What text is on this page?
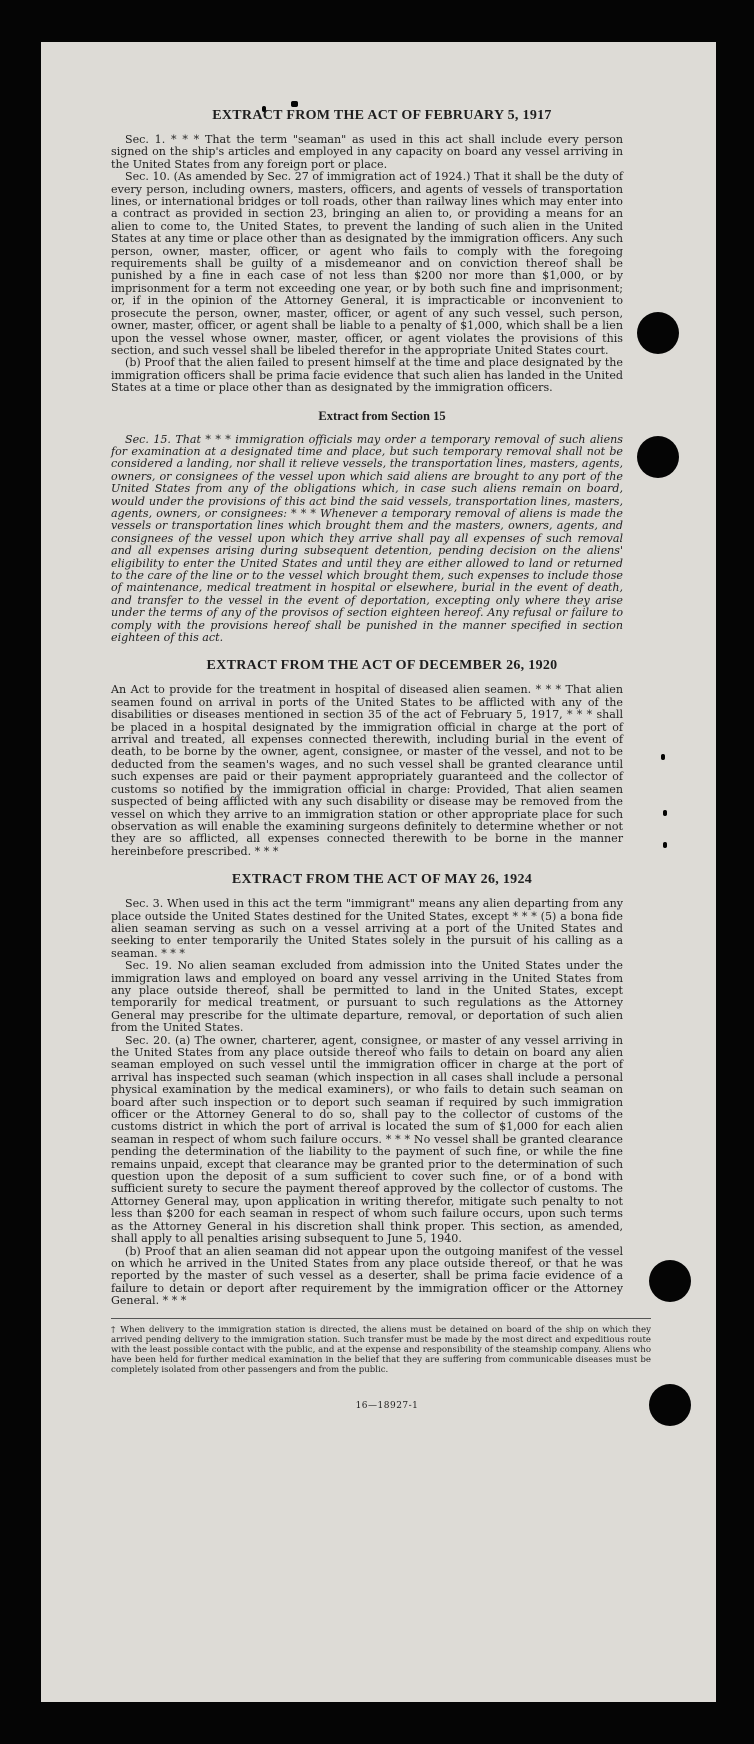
EXTRACT FROM THE ACT OF FEBRUARY 5, 1917

Sec. 1. * * * That the term "seaman" as used in this act shall include every person signed on the ship's articles and employed in any capacity on board any vessel arriving in the United States from any foreign port or place.

Sec. 10. (As amended by Sec. 27 of immigration act of 1924.) That it shall be the duty of every person, including owners, masters, officers, and agents of vessels of transportation lines, or international bridges or toll roads, other than railway lines which may enter into a contract as provided in section 23, bringing an alien to, or providing a means for an alien to come to, the United States, to prevent the landing of such alien in the United States at any time or place other than as designated by the immigration officers. Any such person, owner, master, officer, or agent who fails to comply with the foregoing requirements shall be guilty of a misdemeanor and on conviction thereof shall be punished by a fine in each case of not less than $200 nor more than $1,000, or by imprisonment for a term not exceeding one year, or by both such fine and imprisonment; or, if in the opinion of the Attorney General, it is impracticable or inconvenient to prosecute the person, owner, master, officer, or agent of any such vessel, such person, owner, master, officer, or agent shall be liable to a penalty of $1,000, which shall be a lien upon the vessel whose owner, master, officer, or agent violates the provisions of this section, and such vessel shall be libeled therefor in the appropriate United States court.

(b) Proof that the alien failed to present himself at the time and place designated by the immigration officers shall be prima facie evidence that such alien has landed in the United States at a time or place other than as designated by the immigration officers.

Extract from Section 15

Sec. 15. That * * * immigration officials may order a temporary removal of such aliens for examination at a designated time and place, but such temporary removal shall not be considered a landing, nor shall it relieve vessels, the transportation lines, masters, agents, owners, or consignees of the vessel upon which said aliens are brought to any port of the United States from any of the obligations which, in case such aliens remain on board, would under the provisions of this act bind the said vessels, transportation lines, masters, agents, owners, or consignees: * * * Whenever a temporary removal of aliens is made the vessels or transportation lines which brought them and the masters, owners, agents, and consignees of the vessel upon which they arrive shall pay all expenses of such removal and all expenses arising during subsequent detention, pending decision on the aliens' eligibility to enter the United States and until they are either allowed to land or returned to the care of the line or to the vessel which brought them, such expenses to include those of maintenance, medical treatment in hospital or elsewhere, burial in the event of death, and transfer to the vessel in the event of deportation, excepting only where they arise under the terms of any of the provisos of section eighteen hereof. Any refusal or failure to comply with the provisions hereof shall be punished in the manner specified in section eighteen of this act.

EXTRACT FROM THE ACT OF DECEMBER 26, 1920

An Act to provide for the treatment in hospital of diseased alien seamen. * * * That alien seamen found on arrival in ports of the United States to be afflicted with any of the disabilities or diseases mentioned in section 35 of the act of February 5, 1917, * * * shall be placed in a hospital designated by the immigration official in charge at the port of arrival and treated, all expenses connected therewith, including burial in the event of death, to be borne by the owner, agent, consignee, or master of the vessel, and not to be deducted from the seamen's wages, and no such vessel shall be granted clearance until such expenses are paid or their payment appropriately guaranteed and the collector of customs so notified by the immigration official in charge: Provided, That alien seamen suspected of being afflicted with any such disability or disease may be removed from the vessel on which they arrive to an immigration station or other appropriate place for such observation as will enable the examining surgeons definitely to determine whether or not they are so afflicted, all expenses connected therewith to be borne in the manner hereinbefore prescribed. * * *

EXTRACT FROM THE ACT OF MAY 26, 1924

Sec. 3. When used in this act the term "immigrant" means any alien departing from any place outside the United States destined for the United States, except * * * (5) a bona fide alien seaman serving as such on a vessel arriving at a port of the United States and seeking to enter temporarily the United States solely in the pursuit of his calling as a seaman. * * *

Sec. 19. No alien seaman excluded from admission into the United States under the immigration laws and employed on board any vessel arriving in the United States from any place outside thereof, shall be permitted to land in the United States, except temporarily for medical treatment, or pursuant to such regulations as the Attorney General may prescribe for the ultimate departure, removal, or deportation of such alien from the United States.

Sec. 20. (a) The owner, charterer, agent, consignee, or master of any vessel arriving in the United States from any place outside thereof who fails to detain on board any alien seaman employed on such vessel until the immigration officer in charge at the port of arrival has inspected such seaman (which inspection in all cases shall include a personal physical examination by the medical examiners), or who fails to detain such seaman on board after such inspection or to deport such seaman if required by such immigration officer or the Attorney General to do so, shall pay to the collector of customs of the customs district in which the port of arrival is located the sum of $1,000 for each alien seaman in respect of whom such failure occurs. * * * No vessel shall be granted clearance pending the determination of the liability to the payment of such fine, or while the fine remains unpaid, except that clearance may be granted prior to the determination of such question upon the deposit of a sum sufficient to cover such fine, or of a bond with sufficient surety to secure the payment thereof approved by the collector of customs. The Attorney General may, upon application in writing therefor, mitigate such penalty to not less than $200 for each seaman in respect of whom such failure occurs, upon such terms as the Attorney General in his discretion shall think proper. This section, as amended, shall apply to all penalties arising subsequent to June 5, 1940.

(b) Proof that an alien seaman did not appear upon the outgoing manifest of the vessel on which he arrived in the United States from any place outside thereof, or that he was reported by the master of such vessel as a deserter, shall be prima facie evidence of a failure to detain or deport after requirement by the immigration officer or the Attorney General. * * *

† When delivery to the immigration station is directed, the aliens must be detained on board of the ship on which they arrived pending delivery to the immigration station. Such transfer must be made by the most direct and expeditious route with the least possible contact with the public, and at the expense and responsibility of the steamship company. Aliens who have been held for further medical examination in the belief that they are suffering from communicable diseases must be completely isolated from other passengers and from the public.
16—18927-1
